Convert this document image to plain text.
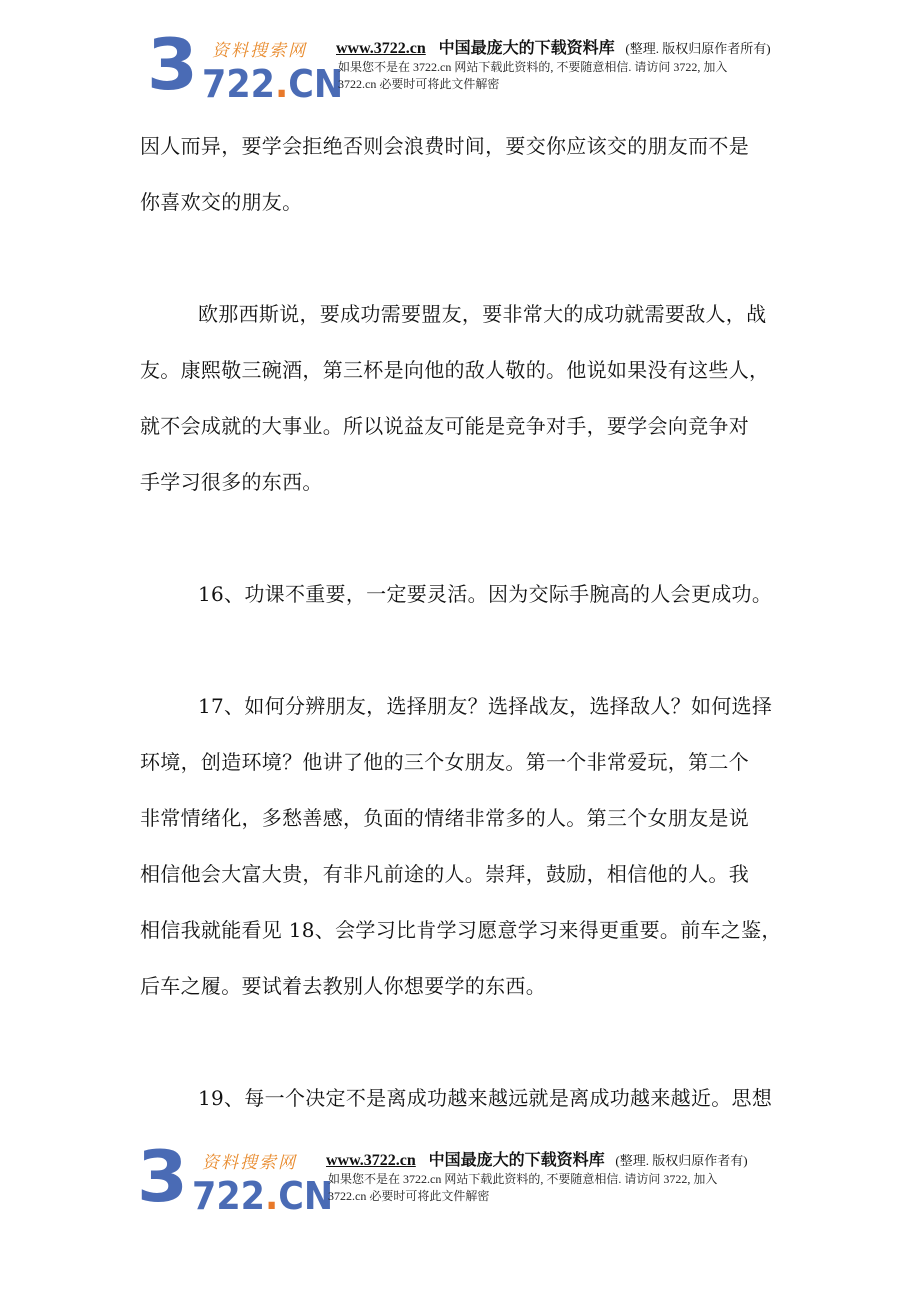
3 资料搜索网
722.CN
www.3722.cn 中国最庞大的下载资料库 (整理. 版权归原作者所有)
如果您不是在 3722.cn 网站下载此资料的, 不要随意相信. 请访问 3722, 加入
3722.cn 必要时可将此文件解密

因人而异，要学会拒绝否则会浪费时间，要交你应该交的朋友而不是
你喜欢交的朋友。

欧那西斯说，要成功需要盟友，要非常大的成功就需要敌人，战
友。康熙敬三碗酒，第三杯是向他的敌人敬的。他说如果没有这些人，
就不会成就的大事业。所以说益友可能是竞争对手，要学会向竞争对
手学习很多的东西。

16、功课不重要，一定要灵活。因为交际手腕高的人会更成功。

17、如何分辨朋友，选择朋友？选择战友，选择敌人？如何选择
环境，创造环境？他讲了他的三个女朋友。第一个非常爱玩，第二个
非常情绪化，多愁善感，负面的情绪非常多的人。第三个女朋友是说
相信他会大富大贵，有非凡前途的人。崇拜，鼓励，相信他的人。我
相信我就能看见 18、会学习比肯学习愿意学习来得更重要。前车之鉴，
后车之履。要试着去教别人你想要学的东西。

19、每一个决定不是离成功越来越远就是离成功越来越近。思想

3 资料搜索网
722.CN
www.3722.cn 中国最庞大的下载资料库 (整理. 版权归原作者有)
如果您不是在 3722.cn 网站下载此资料的, 不要随意相信. 请访问 3722, 加入
3722.cn 必要时可将此文件解密
